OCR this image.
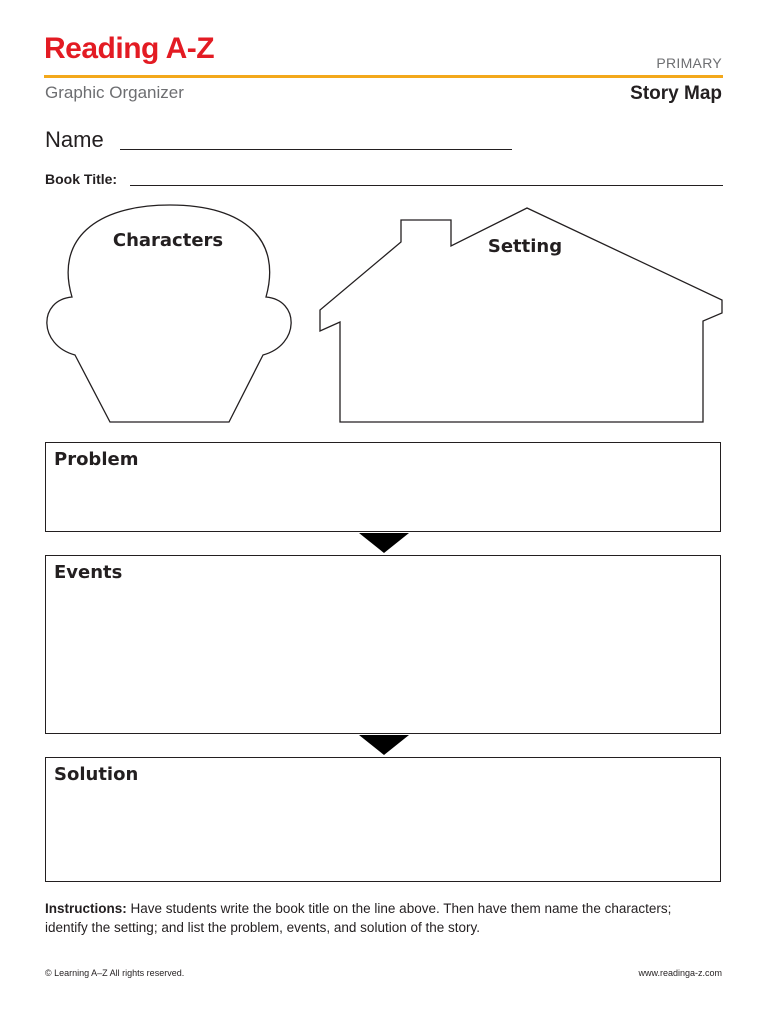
Reading A-Z	PRIMARY
Graphic Organizer	Story Map
Name
Book Title:
Characters	Setting
Problem
Events
Solution
Instructions: Have students write the book title on the line above. Then have them name the characters; identify the setting; and list the problem, events, and solution of the story.
© Learning A–Z All rights reserved.	www.readinga-z.com
